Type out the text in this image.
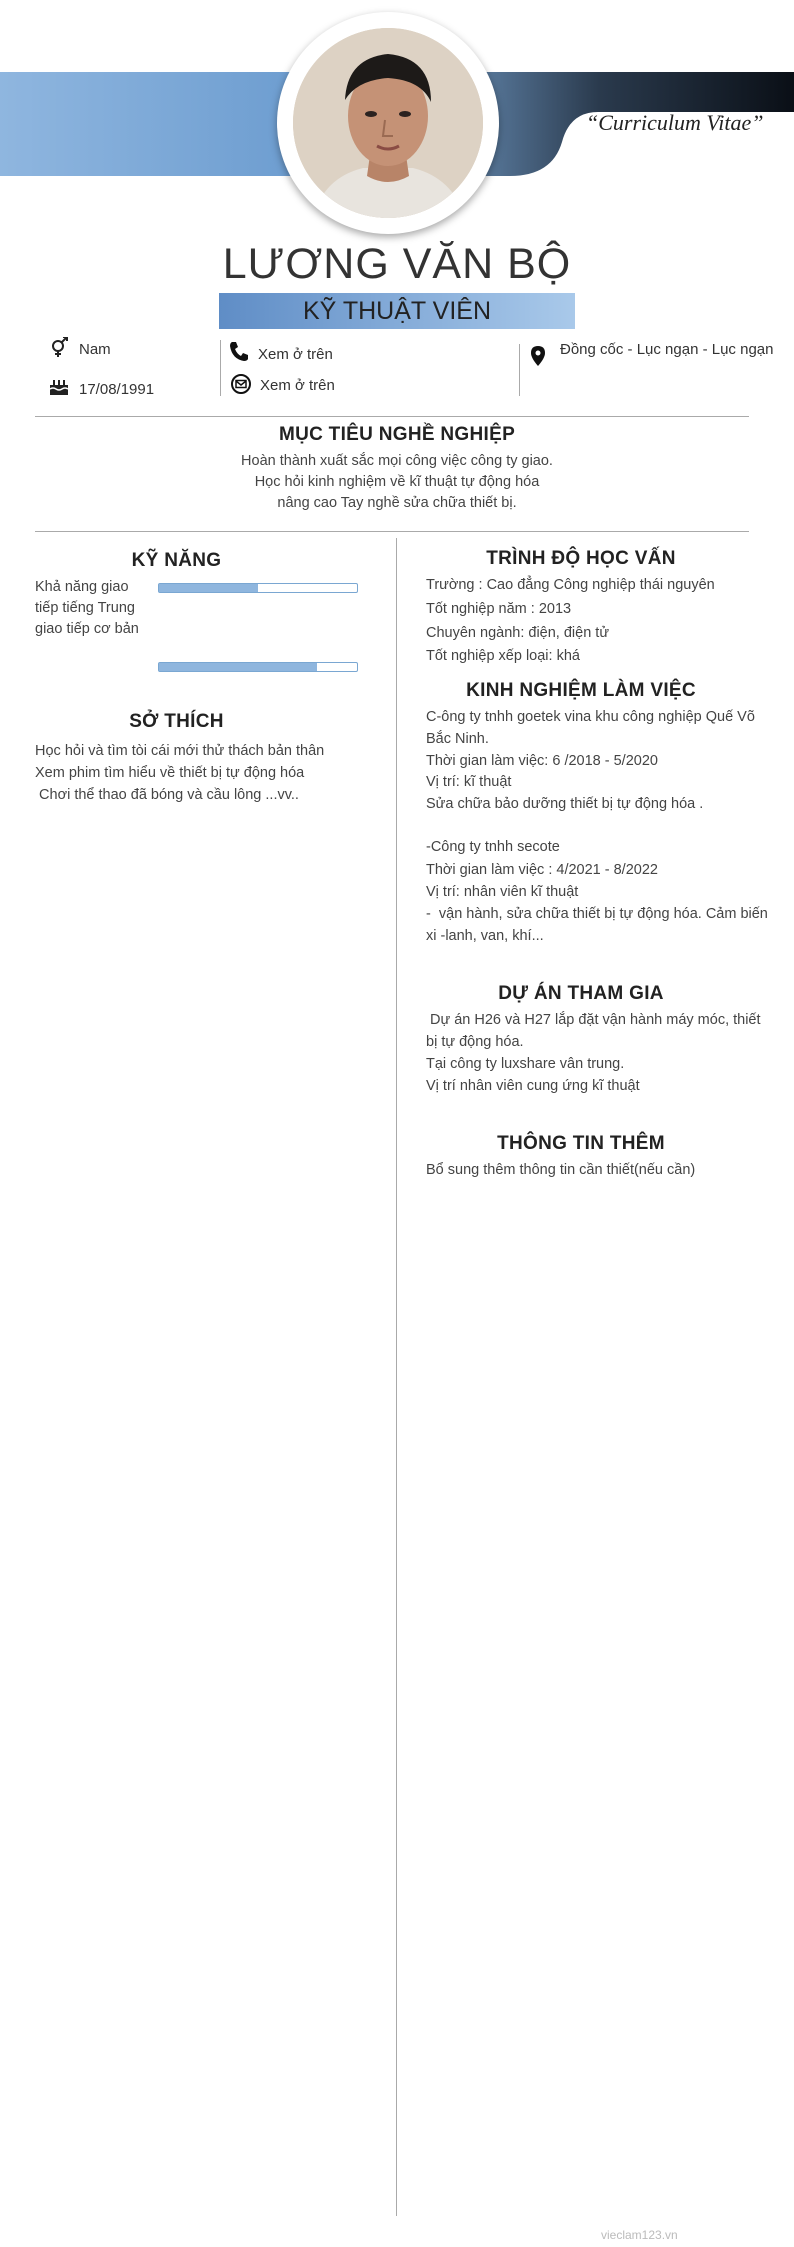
“Curriculum Vitae”
LƯƠNG VĂN BỘ
KỸ THUẬT VIÊN
Nam
17/08/1991
Xem ở trên
Xem ở trên
Đồng cốc - Lục ngạn - Lục ngạn
MỤC TIÊU NGHỀ NGHIỆP
Hoàn thành xuất sắc mọi công việc công ty giao.
Học hỏi kinh nghiệm về kĩ thuật tự động hóa
nâng cao Tay nghề sửa chữa thiết bị.
KỸ NĂNG
Khả năng giao
tiếp tiếng Trung
giao tiếp cơ bản
SỞ THÍCH
Học hỏi và tìm tòi cái mới thử thách bản thân
Xem phim tìm hiểu về thiết bị tự động hóa
Chơi thể thao đã bóng và cầu lông ...vv..
TRÌNH ĐỘ HỌC VẤN
Trường : Cao đẳng Công nghiệp thái nguyên
Tốt nghiệp năm : 2013
Chuyên ngành: điện, điện tử
Tốt nghiệp xếp loại: khá
KINH NGHIỆM LÀM VIỆC
C-ông ty tnhh goetek vina khu công nghiệp Quế Võ
Bắc Ninh.
Thời gian làm việc: 6 /2018 - 5/2020
Vị trí: kĩ thuật
Sửa chữa bảo dưỡng thiết bị tự động hóa .
-Công ty tnhh secote
Thời gian làm việc : 4/2021 - 8/2022
Vị trí: nhân viên kĩ thuật
-  vận hành, sửa chữa thiết bị tự động hóa. Cảm biến
xi -lanh, van, khí...
DỰ ÁN THAM GIA
Dự án H26 và H27 lắp đặt vận hành máy móc, thiết
bị tự động hóa.
Tại công ty luxshare vân trung.
Vị trí nhân viên cung ứng kĩ thuật
THÔNG TIN THÊM
Bổ sung thêm thông tin cần thiết(nếu cần)
vieclam123.vn
